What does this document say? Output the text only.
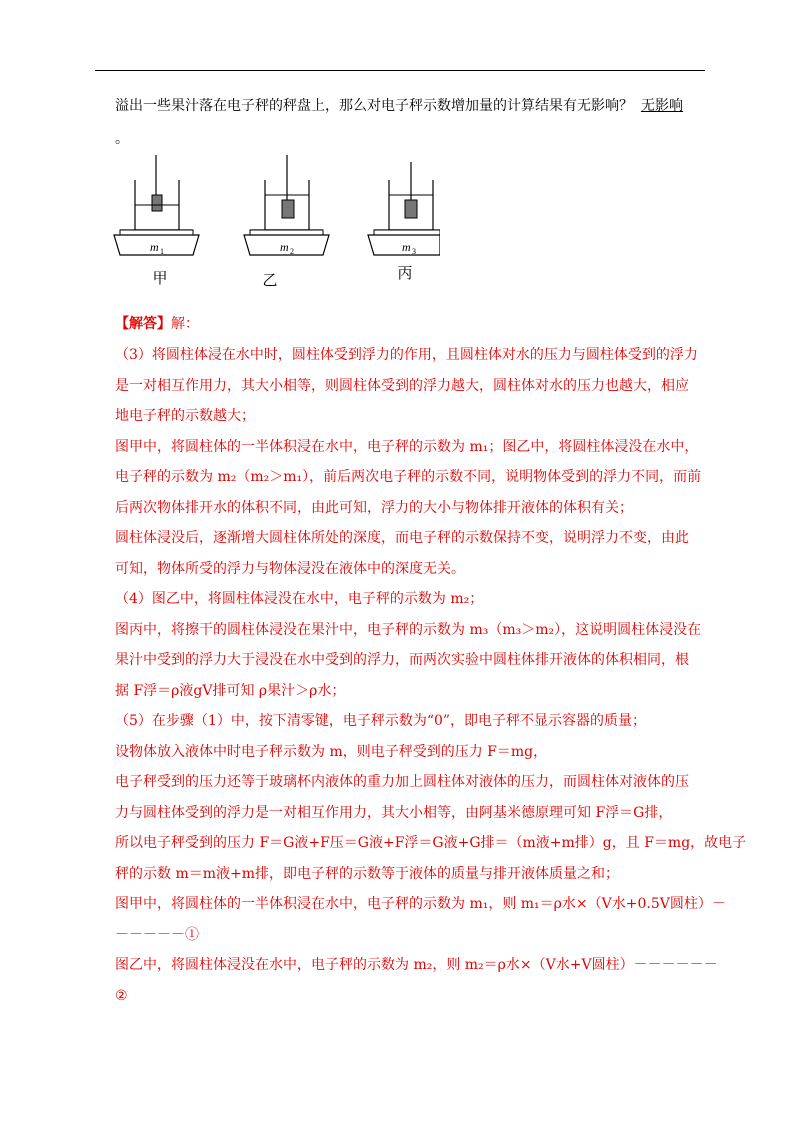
溢出一些果汁落在电子秤的秤盘上，那么对电子秤示数增加量的计算结果有无影响？ 无影响
。
m 1
甲
m 2
乙
m 3
丙

【解答】解：

（3）将圆柱体浸在水中时，圆柱体受到浮力的作用，且圆柱体对水的压力与圆柱体受到的浮力

是一对相互作用力，其大小相等，则圆柱体受到的浮力越大，圆柱体对水的压力也越大，相应

地电子秤的示数越大；

图甲中，将圆柱体的一半体积浸在水中，电子秤的示数为 m₁；图乙中，将圆柱体浸没在水中，

电子秤的示数为 m₂（m₂＞m₁），前后两次电子秤的示数不同，说明物体受到的浮力不同，而前

后两次物体排开水的体积不同，由此可知，浮力的大小与物体排开液体的体积有关；

圆柱体浸没后，逐渐增大圆柱体所处的深度，而电子秤的示数保持不变，说明浮力不变，由此

可知，物体所受的浮力与物体浸没在液体中的深度无关。

（4）图乙中，将圆柱体浸没在水中，电子秤的示数为 m₂；

图丙中，将擦干的圆柱体浸没在果汁中，电子秤的示数为 m₃（m₃＞m₂），这说明圆柱体浸没在

果汁中受到的浮力大于浸没在水中受到的浮力，而两次实验中圆柱体排开液体的体积相同，根

据 F浮＝ρ液gV排可知 ρ果汁＞ρ水；

（5）在步骤（1）中，按下清零键，电子秤示数为“0”，即电子秤不显示容器的质量；

设物体放入液体中时电子秤示数为 m，则电子秤受到的压力 F＝mg，

电子秤受到的压力还等于玻璃杯内液体的重力加上圆柱体对液体的压力，而圆柱体对液体的压

力与圆柱体受到的浮力是一对相互作用力，其大小相等，由阿基米德原理可知 F浮＝G排，

所以电子秤受到的压力 F＝G液+F压＝G液+F浮＝G液+G排＝（m液+m排）g，且 F＝mg，故电子

秤的示数 m＝m液+m排，即电子秤的示数等于液体的质量与排开液体质量之和；

图甲中，将圆柱体的一半体积浸在水中，电子秤的示数为 m₁，则 m₁＝ρ水×（V水+0.5V圆柱）－

－－－－－①

图乙中，将圆柱体浸没在水中，电子秤的示数为 m₂，则 m₂＝ρ水×（V水+V圆柱）－－－－－－

②
